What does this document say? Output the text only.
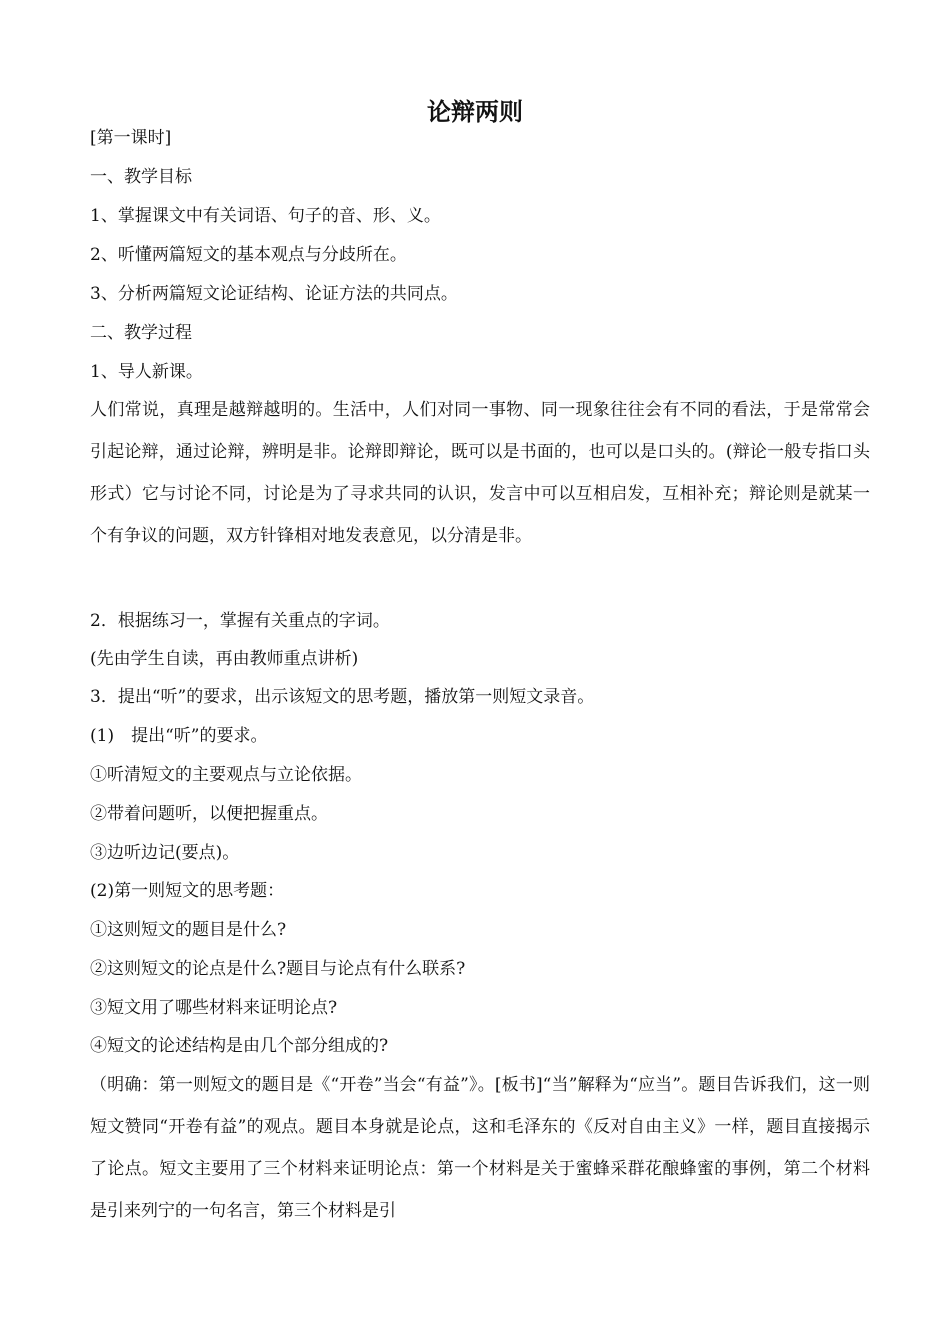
论辩两则
[第一课时]
一、教学目标
1、掌握课文中有关词语、句子的音、形、义。
2、听懂两篇短文的基本观点与分歧所在。
3、分析两篇短文论证结构、论证方法的共同点。
二、教学过程
1、导人新课。
人们常说，真理是越辩越明的。生活中，人们对同一事物、同一现象往往会有不同的看法，于是常常会引起论辩，通过论辩，辨明是非。论辩即辩论，既可以是书面的，也可以是口头的。(辩论一般专指口头形式）它与讨论不同，讨论是为了寻求共同的认识，发言中可以互相启发，互相补充；辩论则是就某一个有争议的问题，双方针锋相对地发表意见，以分清是非。
2．根据练习一，掌握有关重点的字词。
(先由学生自读，再由教师重点讲析)
3．提出“听”的要求，出示该短文的思考题，播放第一则短文录音。
(1)　提出“听”的要求。
①听清短文的主要观点与立论依据。
②带着问题听，以便把握重点。
③边听边记(要点)。
(2)第一则短文的思考题：
①这则短文的题目是什么?
②这则短文的论点是什么?题目与论点有什么联系?
③短文用了哪些材料来证明论点?
④短文的论述结构是由几个部分组成的?
（明确：第一则短文的题目是《“开卷”当会“有益”》。[板书]“当”解释为“应当”。题目告诉我们，这一则短文赞同“开卷有益”的观点。题目本身就是论点，这和毛泽东的《反对自由主义》一样，题目直接揭示了论点。短文主要用了三个材料来证明论点：第一个材料是关于蜜蜂采群花酿蜂蜜的事例，第二个材料是引来列宁的一句名言，第三个材料是引
